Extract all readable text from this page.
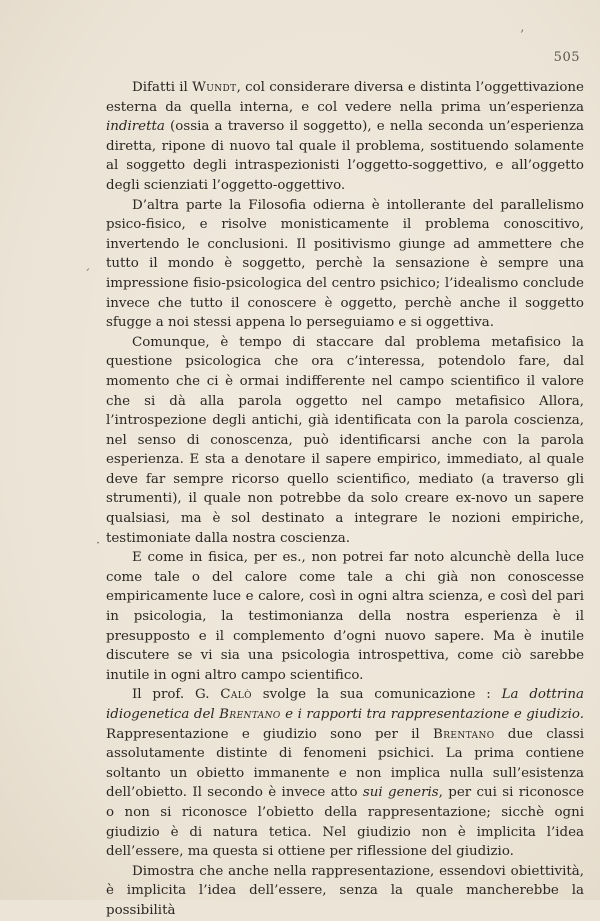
’
´
·
505

Difatti il Wundt, col considerare diversa e distinta l’oggettivazione esterna da quella interna, e col vedere nella prima un’esperienza indiretta (ossia a traverso il soggetto), e nella seconda un’esperienza diretta, ripone di nuovo tal quale il problema, sostituendo solamente al soggetto degli intraspezionisti l’oggetto-soggettivo, e all’oggetto degli scienziati l’oggetto-oggettivo.

D’altra parte la Filosofia odierna è intollerante del parallelismo psico-fisico, e risolve monisticamente il problema conoscitivo, invertendo le conclusioni. Il positivismo giunge ad ammettere che tutto il mondo è soggetto, perchè la sensazione è sempre una impressione fisio-psicologica del centro psichico; l’idealismo conclude invece che tutto il conoscere è oggetto, perchè anche il soggetto sfugge a noi stessi appena lo perseguiamo e si oggettiva.

Comunque, è tempo di staccare dal problema metafisico la questione psicologica che ora c’interessa, potendolo fare, dal momento che ci è ormai indifferente nel campo scientifico il valore che si dà alla parola oggetto nel campo metafisico Allora, l’introspezione degli antichi, già identificata con la parola coscienza, nel senso di conoscenza, può identificarsi anche con la parola esperienza. E sta a denotare il sapere empirico, immediato, al quale deve far sempre ricorso quello scientifico, mediato (a traverso gli strumenti), il quale non potrebbe da solo creare ex-novo un sapere qualsiasi, ma è sol destinato a integrare le nozioni empiriche, testimoniate dalla nostra coscienza.

E come in fisica, per es., non potrei far noto alcunchè della luce come tale o del calore come tale a chi già non conoscesse empiricamente luce e calore, così in ogni altra scienza, e così del pari in psicologia, la testimonianza della nostra esperienza è il presupposto e il complemento d’ogni nuovo sapere. Ma è inutile discutere se vi sia una psicologia introspettiva, come ciò sarebbe inutile in ogni altro campo scientifico.

Il prof. G. Calò svolge la sua comunicazione : La dottrina idiogenetica del Brentano e i rapporti tra rappresentazione e giudizio. Rappresentazione e giudizio sono per il Brentano due classi assolutamente distinte di fenomeni psichici. La prima contiene soltanto un obietto immanente e non implica nulla sull’esistenza dell’obietto. Il secondo è invece atto sui generis, per cui si riconosce o non si riconosce l’obietto della rappresentazione; sicchè ogni giudizio è di natura tetica. Nel giudizio non è implicita l’idea dell’essere, ma questa si ottiene per riflessione del giudizio.

Dimostra che anche nella rappresentazione, essendovi obiettività, è implicita l’idea dell’essere, senza la quale mancherebbe la possibilità
